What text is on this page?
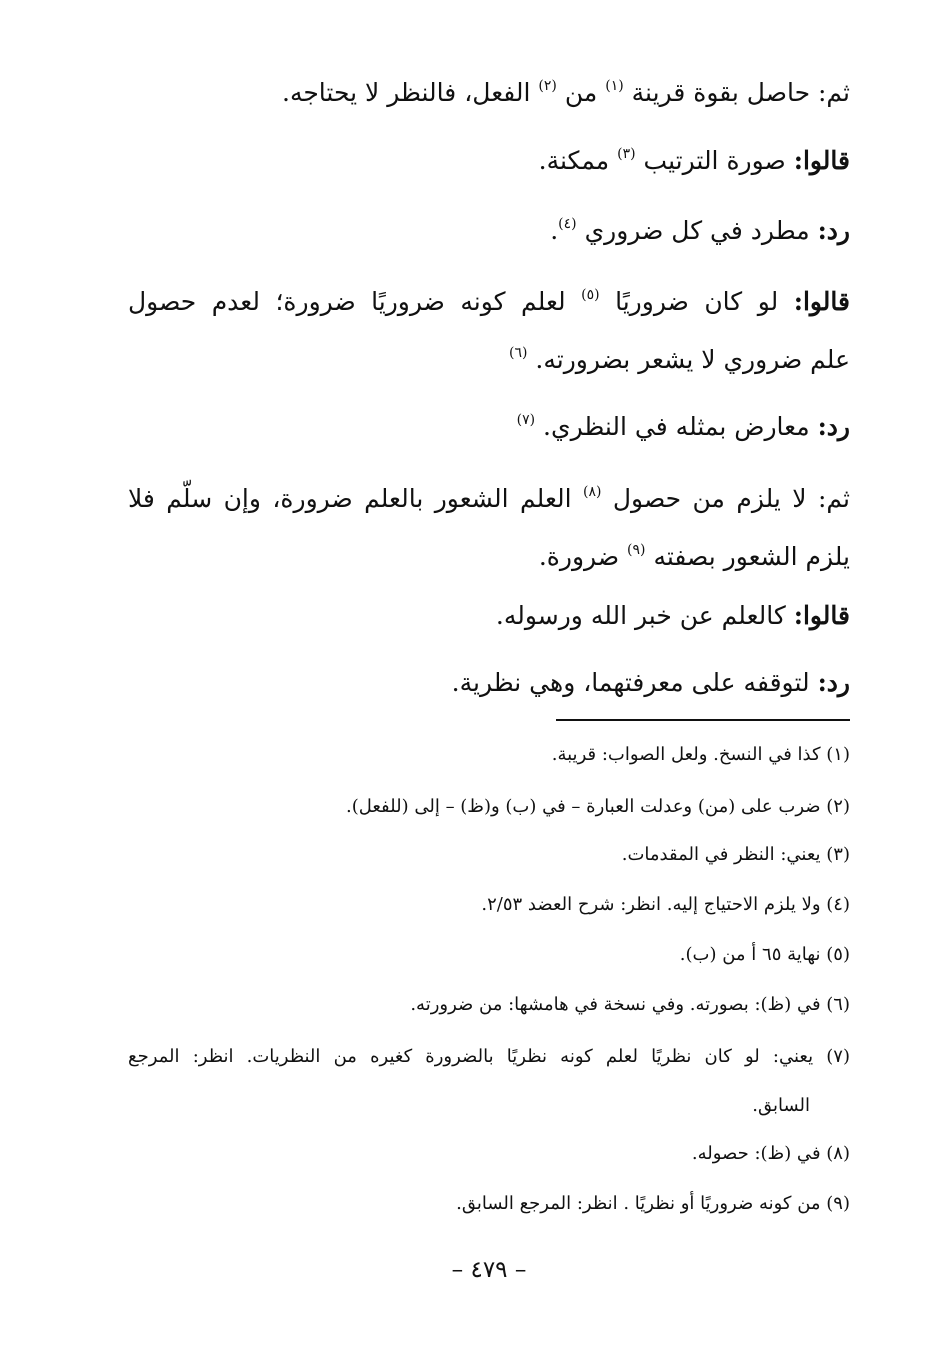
ثم: حاصل بقوة قرينة $^{(١)}$ من $^{(٢)}$ الفعل، فالنظر لا يحتاجه.
قالوا: صورة الترتيب $^{(٣)}$ ممكنة.
رد: مطرد في كل ضروري $^{(٤)}$.
قالوا: لو كان ضروريًا $^{(٥)}$ لعلم كونه ضروريًا ضرورة؛ لعدم حصول
علم ضروري لا يشعر بضرورته. $^{(٦)}$
رد: معارض بمثله في النظري. $^{(٧)}$
ثم: لا يلزم من حصول $^{(٨)}$ العلم الشعور بالعلم ضرورة، وإن سلّم فلا
يلزم الشعور بصفته $^{(٩)}$ ضرورة.
قالوا: كالعلم عن خبر الله ورسوله.
رد: لتوقفه على معرفتهما، وهي نظرية.
(١) كذا في النسخ. ولعل الصواب: قريبة.
(٢) ضرب على (من) وعدلت العبارة – في (ب) و(ظ) – إلى (للفعل).
(٣) يعني: النظر في المقدمات.
(٤) ولا يلزم الاحتياج إليه. انظر: شرح العضد ٢/٥٣.
(٥) نهاية ٦٥ أ من (ب).
(٦) في (ظ): بصورته. وفي نسخة في هامشها: من ضرورته.
(٧) يعني: لو كان نظريًا لعلم كونه نظريًا بالضرورة كغيره من النظريات. انظر: المرجع
السابق.
(٨) في (ظ): حصوله.
(٩) من كونه ضروريًا أو نظريًا . انظر: المرجع السابق.
– ٤٧٩ –
